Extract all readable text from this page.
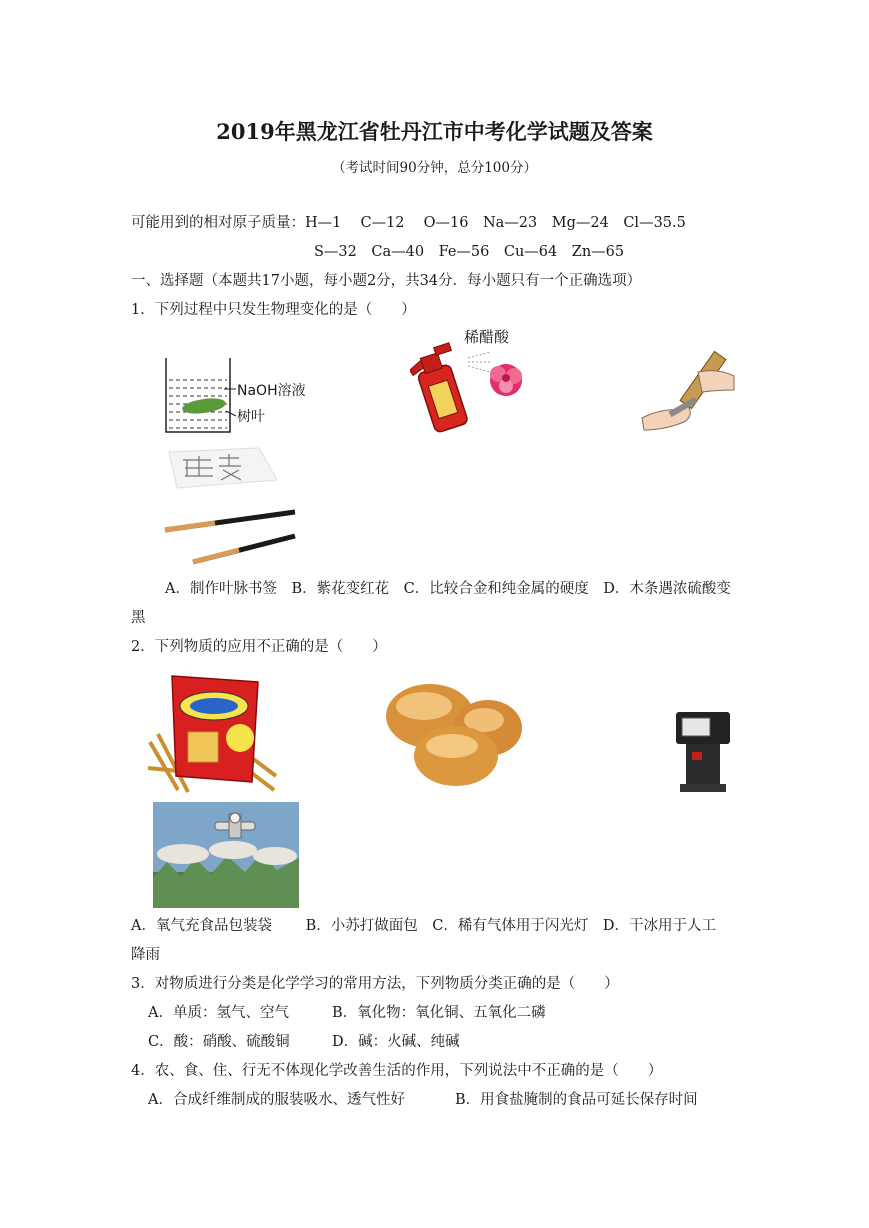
2019年黑龙江省牡丹江市中考化学试题及答案
（考试时间90分钟，总分100分）
可能用到的相对原子质量：H—1　 C—12　 O—16　Na—23　Mg—24　Cl—35.5
S—32　Ca—40　Fe—56　Cu—64　Zn—65
一、选择题（本题共17小题，每小题2分，共34分．每小题只有一个正确选项）
1．下列过程中只发生物理变化的是（　　）
NaOH溶液
树叶
稀醋酸
A．制作叶脉书签　B．紫花变红花　C．比较合金和纯金属的硬度　D．木条遇浓硫酸变
黑
2．下列物质的应用不正确的是（　　）
A．氧气充食品包装袋　　 B．小苏打做面包　C．稀有气体用于闪光灯　D．干冰用于人工
降雨
3．对物质进行分类是化学学习的常用方法，下列物质分类正确的是（　　）
A．单质：氢气、空气	B．氧化物：氧化铜、五氧化二磷
C．酸：硝酸、硫酸铜	D．碱：火碱、纯碱
4．农、食、住、行无不体现化学改善生活的作用，下列说法中不正确的是（　　）
A．合成纤维制成的服装吸水、透气性好	B．用食盐腌制的食品可延长保存时间
